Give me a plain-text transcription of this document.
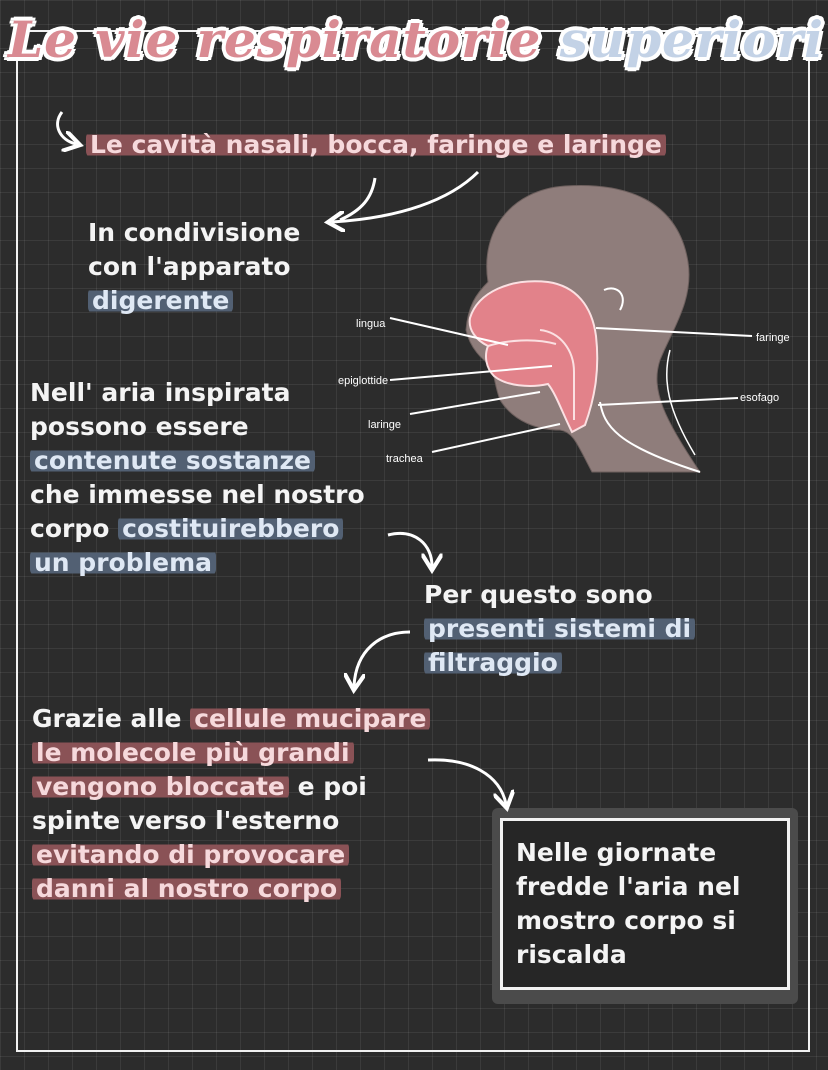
Le vie respiratorie superiori
Le cavità nasali, bocca, faringe e laringe
In condivisione
con l'apparato
digerente
Nell' aria inspirata
possono essere
contenute sostanze
che immesse nel nostro
corpo costituirebbero
un problema
Per questo sono
presenti sistemi di
filtraggio
Grazie alle cellule mucipare
le molecole più grandi
vengono bloccate e poi
spinte verso l'esterno
evitando di provocare
danni al nostro corpo
Nelle giornate
fredde l'aria nel
mostro corpo si
riscalda
lingua
epiglottide
laringe
trachea
faringe
esofago
